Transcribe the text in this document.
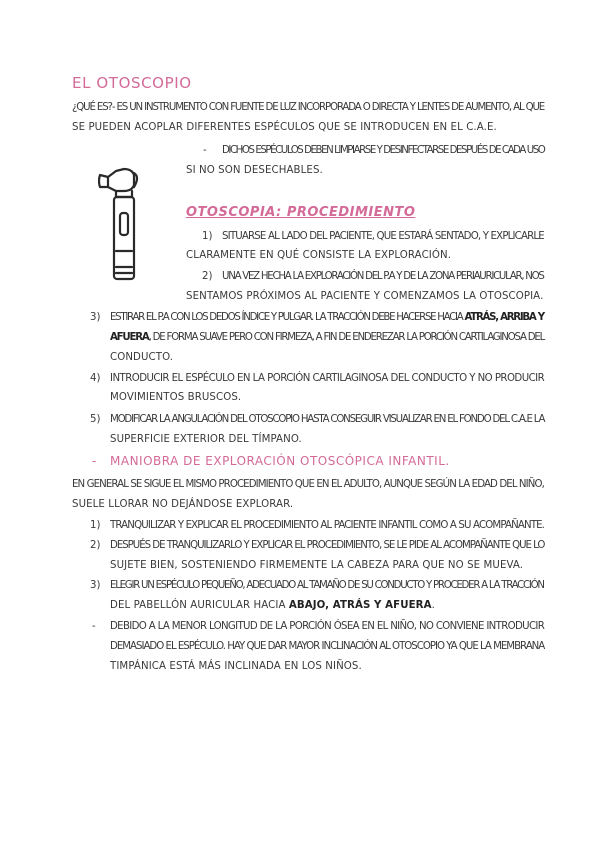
EL OTOSCOPIO
¿QUÉ ES?- ES UN INSTRUMENTO CON FUENTE DE LUZ INCORPORADA O DIRECTA Y LENTES DE AUMENTO, AL QUE
SE PUEDEN ACOPLAR DIFERENTES ESPÉCULOS QUE SE INTRODUCEN EN EL C.A.E.
- DICHOS ESPÉCULOS DEBEN LIMPIARSE Y DESINFECTARSE DESPUÉS DE CADA USO
SI NO SON DESECHABLES.
OTOSCOPIA: PROCEDIMIENTO
1) SITUARSE AL LADO DEL PACIENTE, QUE ESTARÁ SENTADO, Y EXPLICARLE
CLARAMENTE EN QUÉ CONSISTE LA EXPLORACIÓN.
2) UNA VEZ HECHA LA EXPLORACIÓN DEL P.A Y DE LA ZONA PERIAURICULAR, NOS
SENTAMOS PRÓXIMOS AL PACIENTE Y COMENZAMOS LA OTOSCOPIA.
3) ESTIRAR EL P.A CON LOS DEDOS ÍNDICE Y PULGAR. LA TRACCIÓN DEBE HACERSE HACIA ATRÁS, ARRIBA Y
AFUERA, DE FORMA SUAVE PERO CON FIRMEZA, A FIN DE ENDEREZAR LA PORCIÓN CARTILAGINOSA DEL
CONDUCTO.
4) INTRODUCIR EL ESPÉCULO EN LA PORCIÓN CARTILAGINOSA DEL CONDUCTO Y NO PRODUCIR
MOVIMIENTOS BRUSCOS.
5) MODIFICAR LA ANGULACIÓN DEL OTOSCOPIO HASTA CONSEGUIR VISUALIZAR EN EL FONDO DEL C.A.E LA
SUPERFICIE EXTERIOR DEL TÍMPANO.
- MANIOBRA DE EXPLORACIÓN OTOSCÓPICA INFANTIL.
EN GENERAL SE SIGUE EL MISMO PROCEDIMIENTO QUE EN EL ADULTO, AUNQUE SEGÚN LA EDAD DEL NIÑO,
SUELE LLORAR NO DEJÁNDOSE EXPLORAR.
1) TRANQUILIZAR Y EXPLICAR EL PROCEDIMIENTO AL PACIENTE INFANTIL COMO A SU ACOMPAÑANTE.
2) DESPUÉS DE TRANQUILIZARLO Y EXPLICAR EL PROCEDIMIENTO, SE LE PIDE AL ACOMPAÑANTE QUE LO
SUJETE BIEN, SOSTENIENDO FIRMEMENTE LA CABEZA PARA QUE NO SE MUEVA.
3) ELEGIR UN ESPÉCULO PEQUEÑO, ADECUADO AL TAMAÑO DE SU CONDUCTO Y PROCEDER A LA TRACCIÓN
DEL PABELLÓN AURICULAR HACIA ABAJO, ATRÁS Y AFUERA.
- DEBIDO A LA MENOR LONGITUD DE LA PORCIÓN ÓSEA EN EL NIÑO, NO CONVIENE INTRODUCIR
DEMASIADO EL ESPÉCULO. HAY QUE DAR MAYOR INCLINACIÓN AL OTOSCOPIO YA QUE LA MEMBRANA
TIMPÁNICA ESTÁ MÁS INCLINADA EN LOS NIÑOS.
